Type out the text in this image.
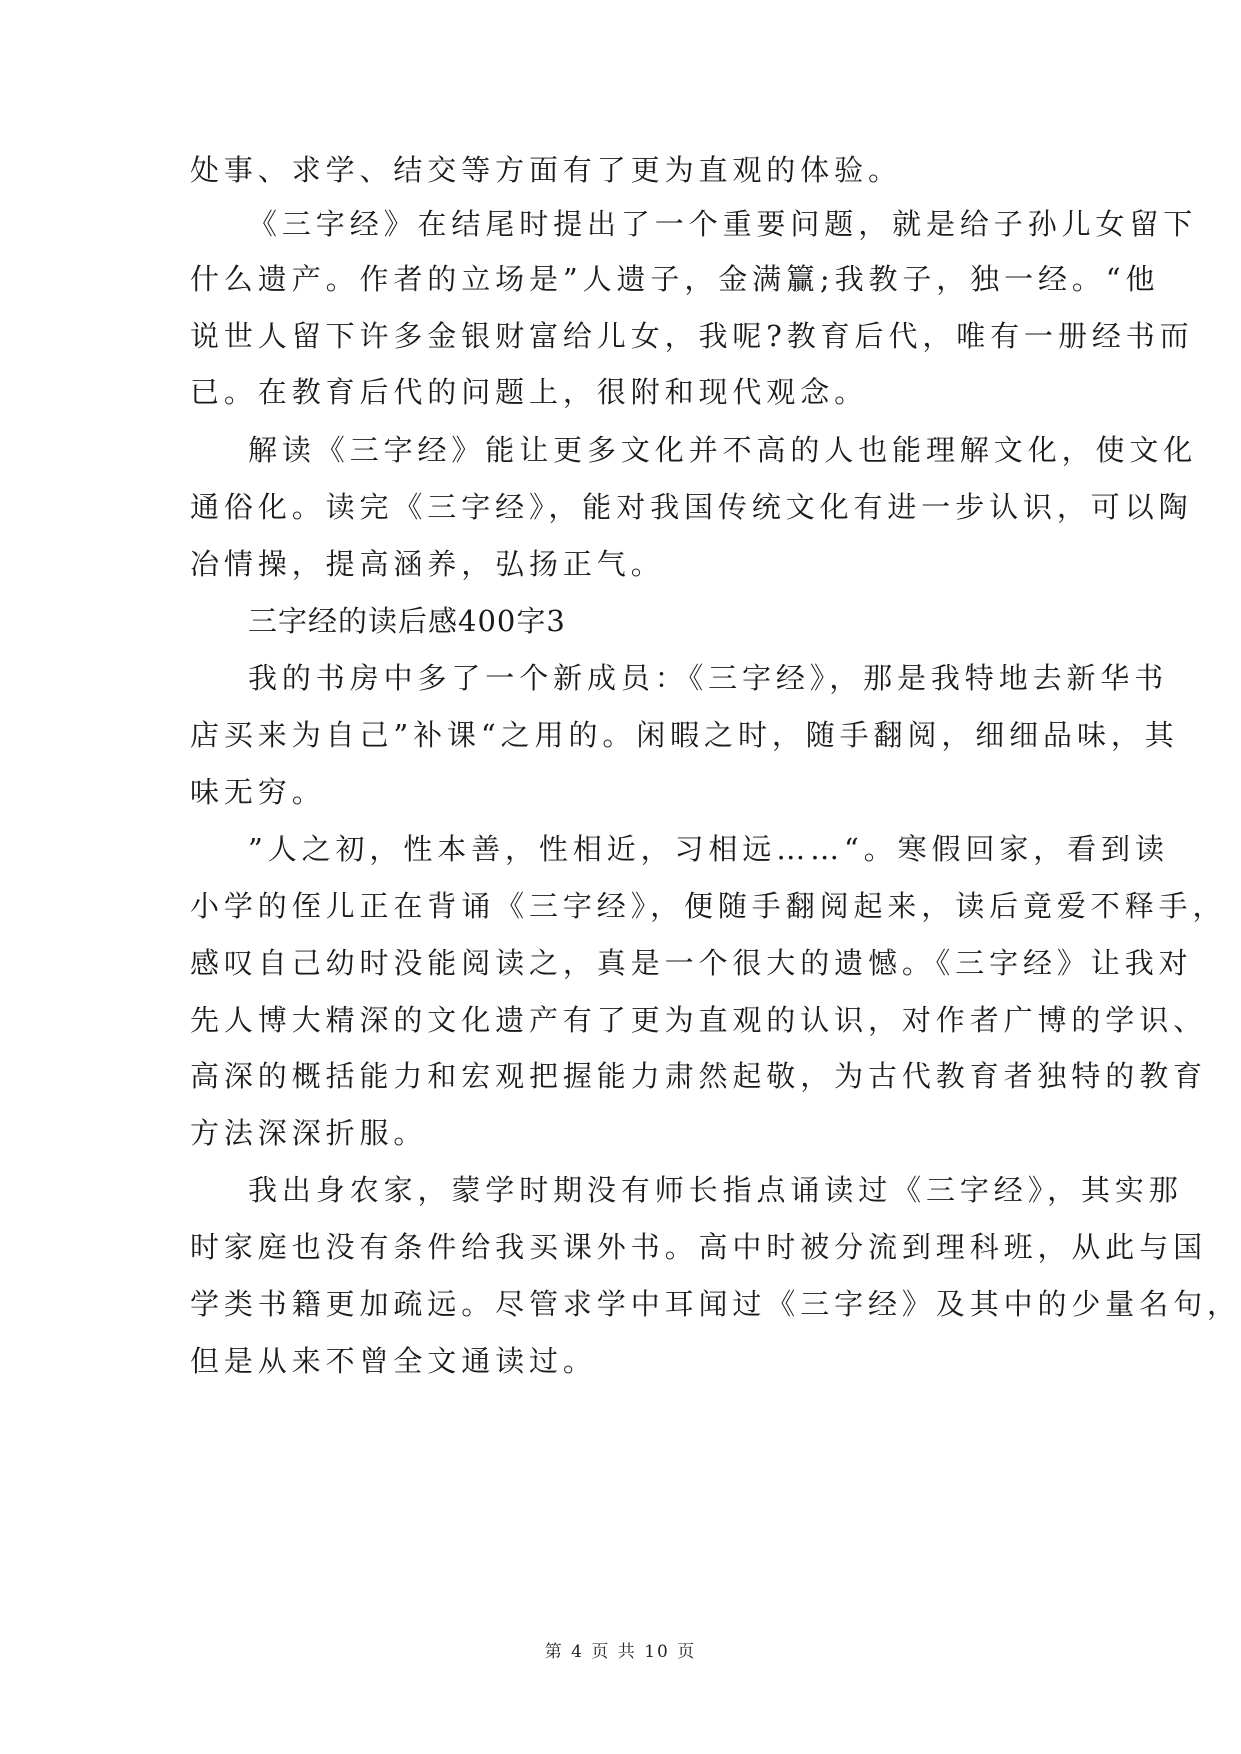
处事、求学、结交等方面有了更为直观的体验。
《三字经》在结尾时提出了一个重要问题，就是给子孙儿女留下
什么遗产。作者的立场是”人遗子，金满籯;我教子，独一经。“他
说世人留下许多金银财富给儿女，我呢?教育后代，唯有一册经书而
已。在教育后代的问题上，很附和现代观念。
解读《三字经》能让更多文化并不高的人也能理解文化，使文化
通俗化。读完《三字经》，能对我国传统文化有进一步认识，可以陶
冶情操，提高涵养，弘扬正气。
三字经的读后感400字3
我的书房中多了一个新成员：《三字经》，那是我特地去新华书
店买来为自己”补课“之用的。闲暇之时，随手翻阅，细细品味，其
味无穷。
”人之初，性本善，性相近，习相远……“。寒假回家，看到读
小学的侄儿正在背诵《三字经》，便随手翻阅起来，读后竟爱不释手，
感叹自己幼时没能阅读之，真是一个很大的遗憾。《三字经》让我对
先人博大精深的文化遗产有了更为直观的认识，对作者广博的学识、
高深的概括能力和宏观把握能力肃然起敬，为古代教育者独特的教育
方法深深折服。
我出身农家，蒙学时期没有师长指点诵读过《三字经》，其实那
时家庭也没有条件给我买课外书。高中时被分流到理科班，从此与国
学类书籍更加疏远。尽管求学中耳闻过《三字经》及其中的少量名句，
但是从来不曾全文通读过。
第 4 页 共 10 页
